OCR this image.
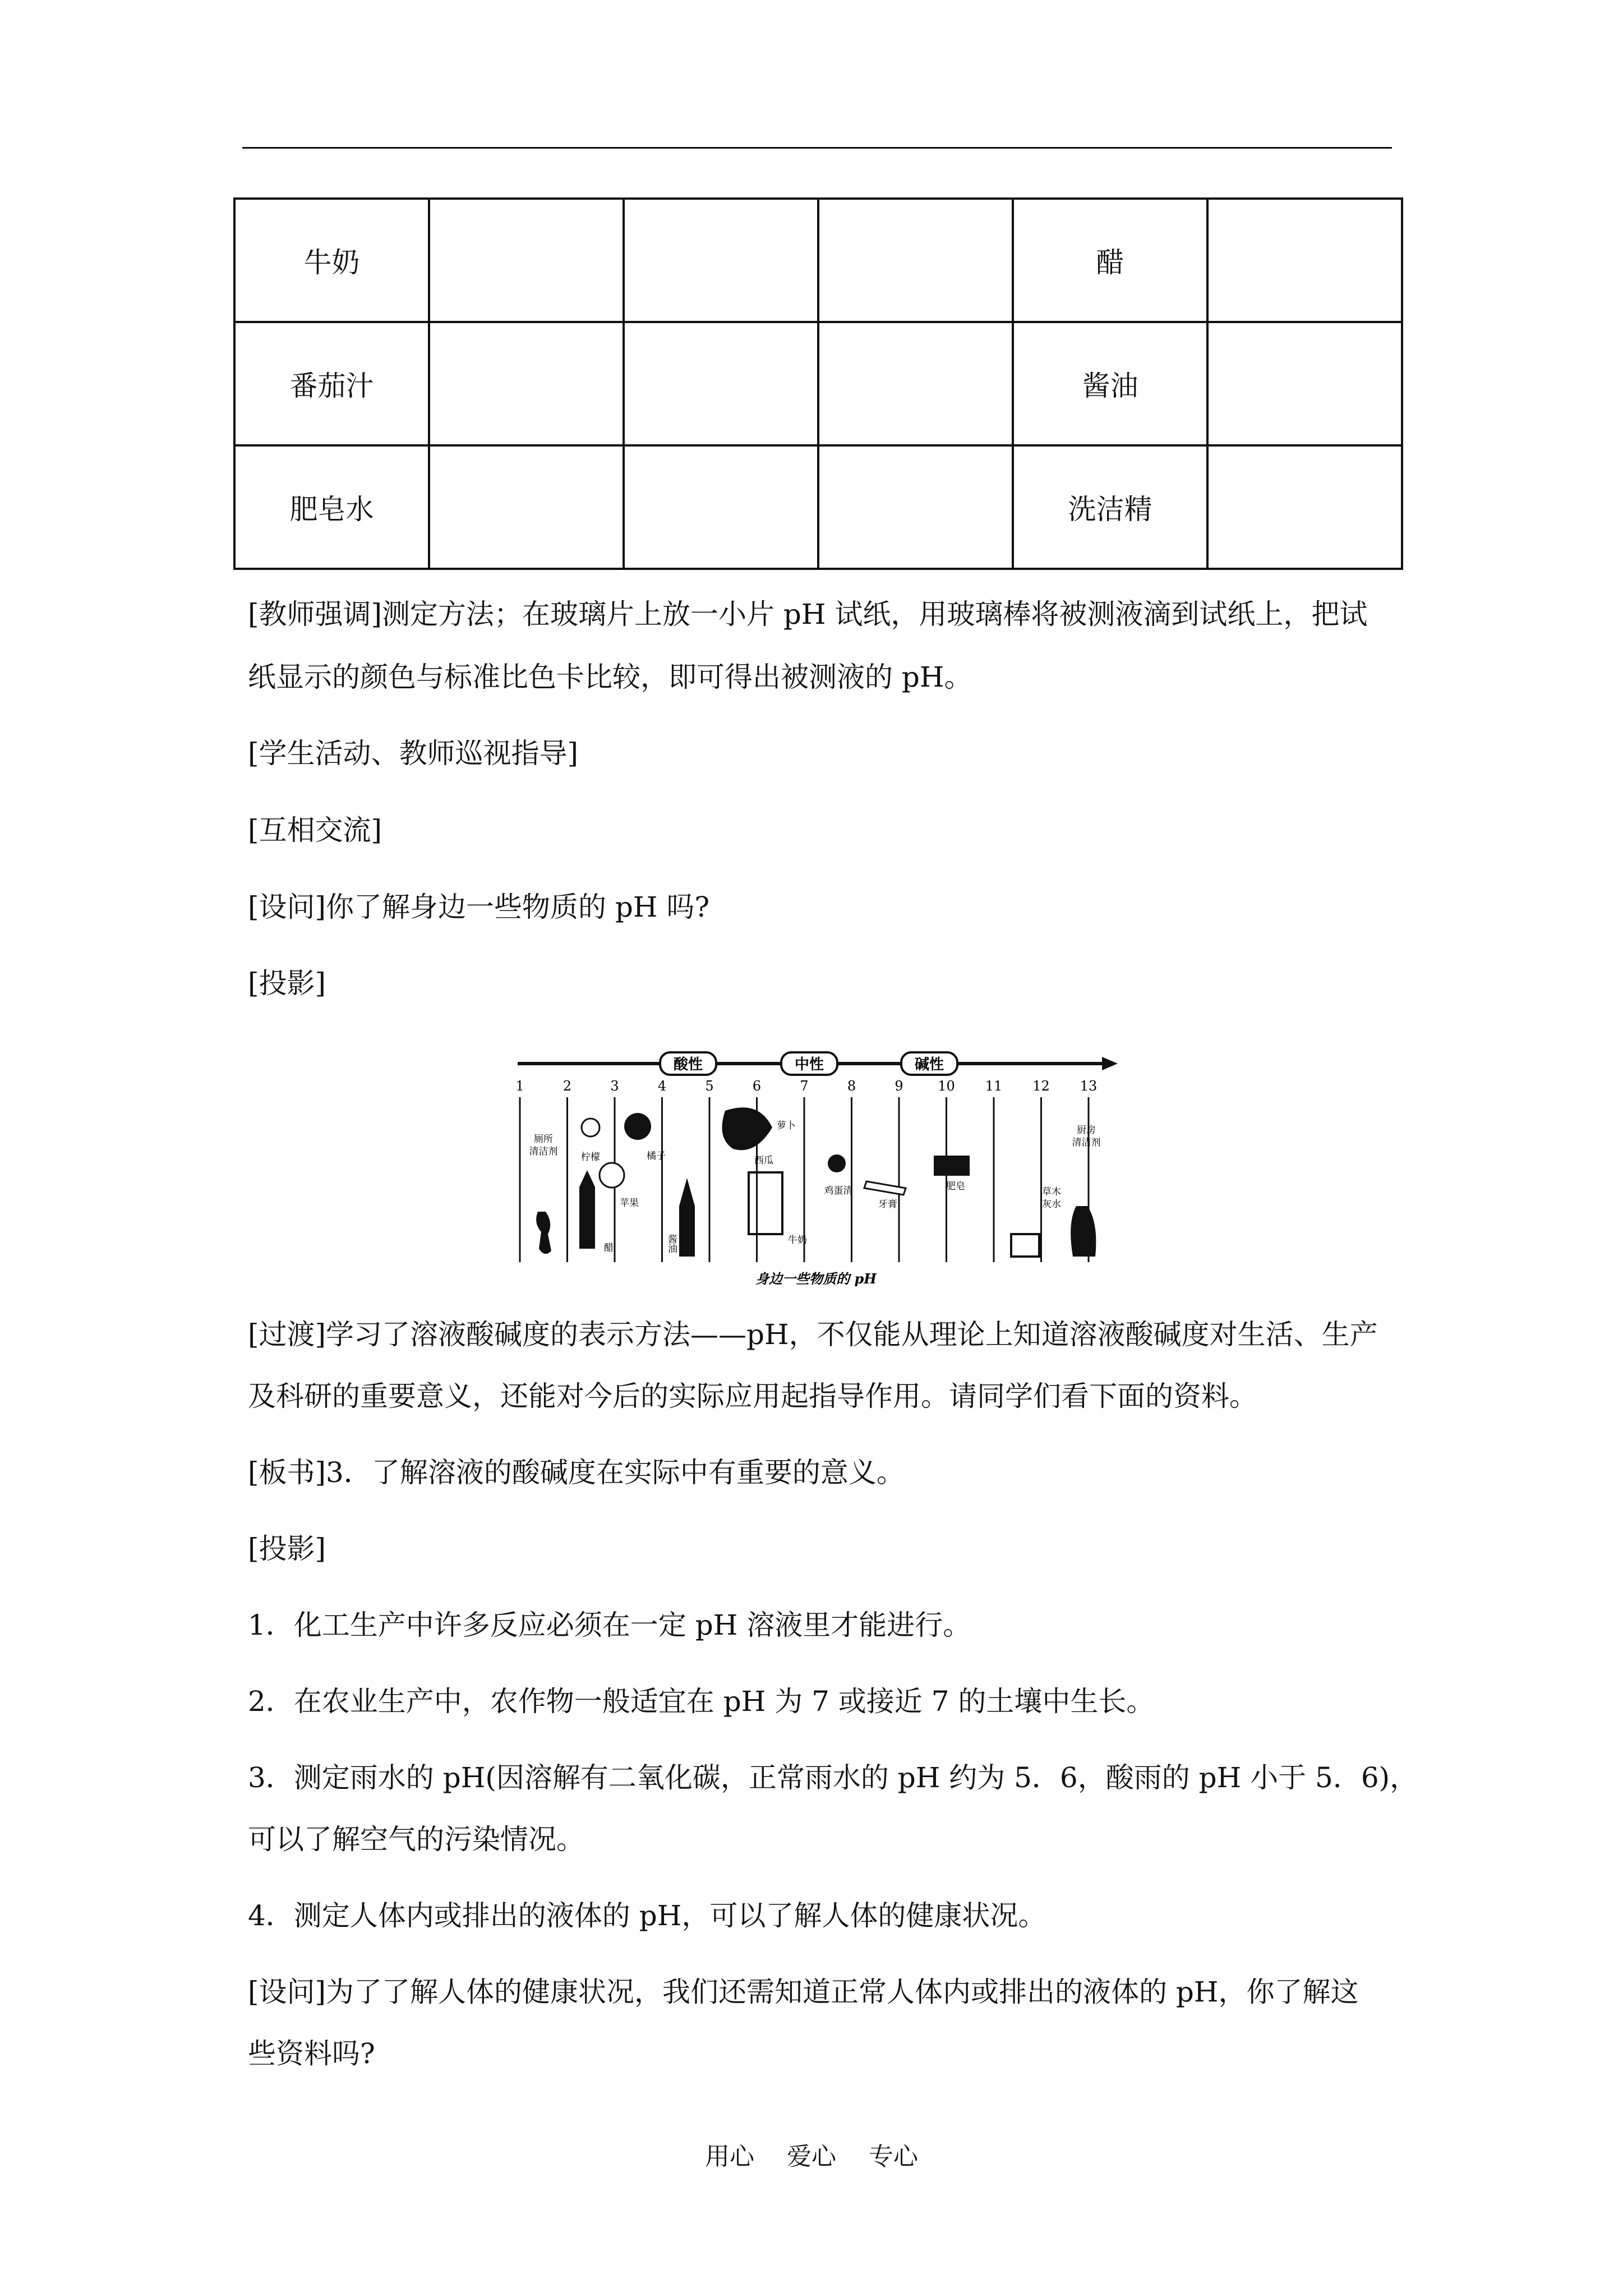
牛奶				醋	
番茄汁				酱油	
肥皂水				洗洁精	

[教师强调]测定方法；在玻璃片上放一小片 pH 试纸，用玻璃棒将被测液滴到试纸上，把试

纸显示的颜色与标准比色卡比较，即可得出被测液的 pH。

[学生活动、教师巡视指导]

[互相交流]

[设问]你了解身边一些物质的 pH 吗?

[投影]

酸性	中性	碱性
1	2	3	4	5	6	7	8	9	10 11 12 13
厕所清洁剂 柠檬
醋
橘子
苹果
酱油
西瓜
萝卜
牛奶
鸡蛋清
牙膏
肥皂	草木灰水
厨房清洁剂
身边一些物质的 pH

[过渡]学习了溶液酸碱度的表示方法——pH，不仅能从理论上知道溶液酸碱度对生活、生产

及科研的重要意义，还能对今后的实际应用起指导作用。请同学们看下面的资料。

[板书]3．了解溶液的酸碱度在实际中有重要的意义。

[投影]

1．化工生产中许多反应必须在一定 pH 溶液里才能进行。

2．在农业生产中，农作物一般适宜在 pH 为 7 或接近 7 的土壤中生长。

3．测定雨水的 pH(因溶解有二氧化碳，正常雨水的 pH 约为 5．6，酸雨的 pH 小于 5．6)，

可以了解空气的污染情况。

4．测定人体内或排出的液体的 pH，可以了解人体的健康状况。

[设问]为了了解人体的健康状况，我们还需知道正常人体内或排出的液体的 pH，你了解这

些资料吗?

用心 爱心 专心
